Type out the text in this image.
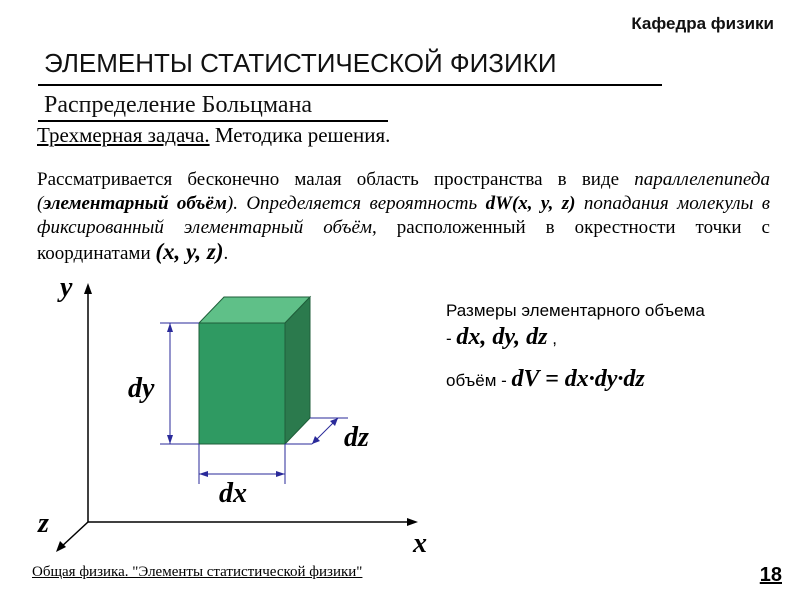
Кафедра физики
ЭЛЕМЕНТЫ СТАТИСТИЧЕСКОЙ ФИЗИКИ
Распределение Больцмана
Трехмерная задача. Методика решения.
Рассматривается бесконечно малая область пространства в виде параллелепипеда (элементарный объём). Определяется вероятность dW(x, y, z) попадания молекулы в фиксированный элементарный объём, расположенный в окрестности точки с координатами (x, y, z).
y
x
z
dy
dx
dz
Размеры элементарного объема
- dx, dy, dz ,
объём - dV = dx·dy·dz
Общая физика. "Элементы статистической физики"	18
